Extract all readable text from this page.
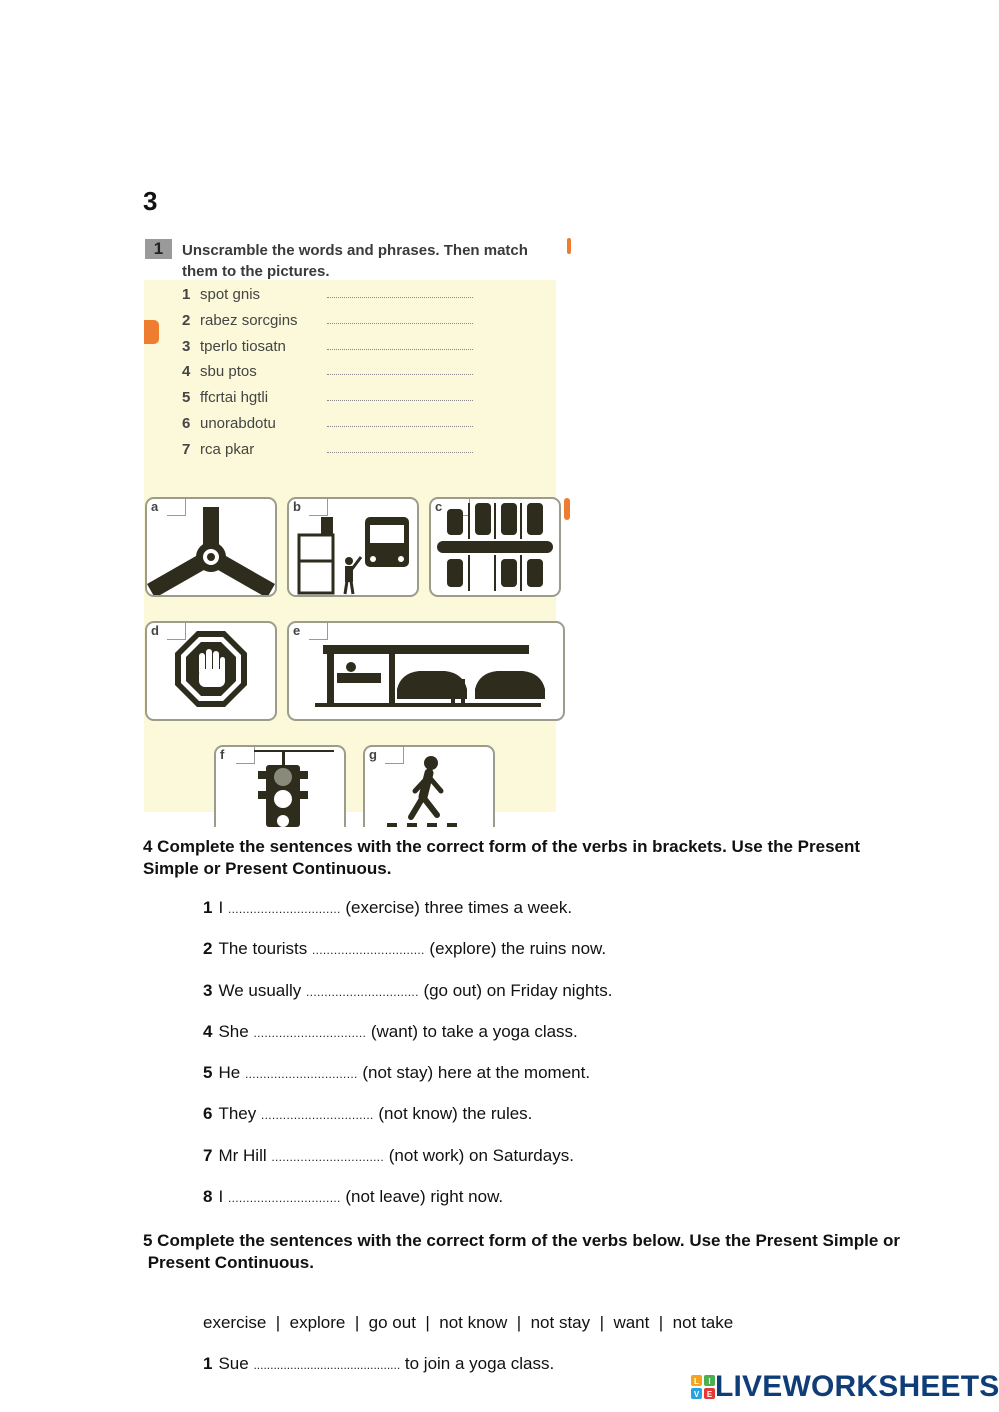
3
1	Unscramble the words and phrases. Then match them to the pictures.
1 spot gnis
2 rabez sorcgins
3 tperlo tiosatn
4 sbu ptos
5 ffcrtai hgtli
6 unorabdotu
7 rca pkar
a	b	c
d	e
f	g
4 Complete the sentences with the correct form of the verbs in brackets. Use the Present Simple or Present Continuous.
1 I ............................... (exercise) three times a week.
2 The tourists ............................... (explore) the ruins now.
3 We usually ............................... (go out) on Friday nights.
4 She ............................... (want) to take a yoga class.
5 He ............................... (not stay) here at the moment.
6 They ............................... (not know) the rules.
7 Mr Hill ............................... (not work) on Saturdays.
8 I ............................... (not leave) right now.
5 Complete the sentences with the correct form of the verbs below. Use the Present Simple or
Present Continuous.
exercise  |  explore  |  go out  |  not know  |  not stay  |  want  |  not take
1 Sue ............................................ to join a yoga class.
L I
V E LIVEWORKSHEETS
